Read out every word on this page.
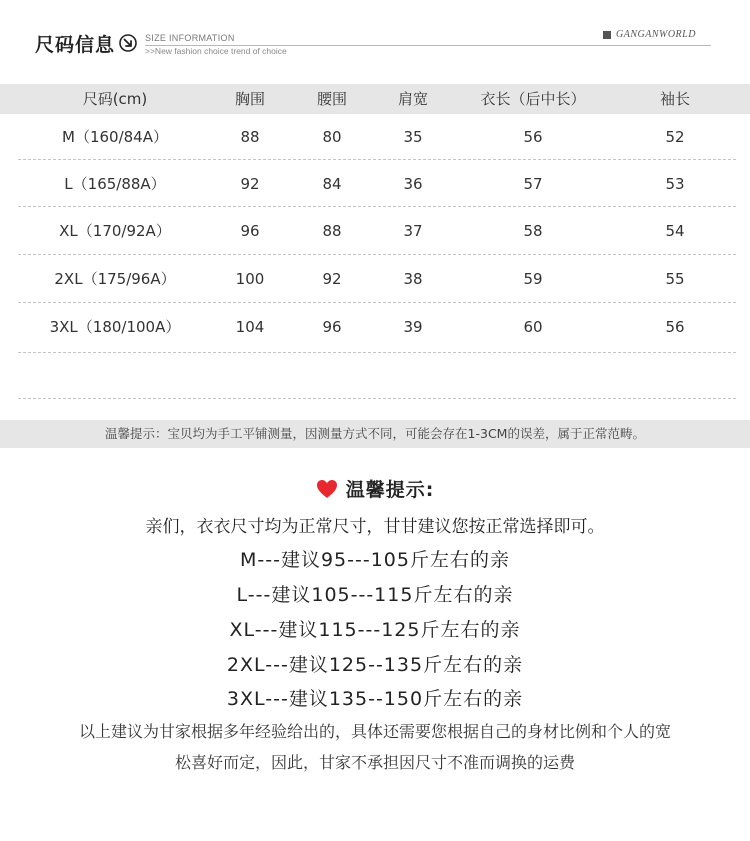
尺码信息	SIZE INFORMATION
>>New fashion choice trend of choice
GANGANWORLD
尺码(cm)	胸围	腰围	肩宽	衣长（后中长）	袖长
M（160/84A）	88	80	35	56	52
L（165/88A）	92	84	36	57	53
XL（170/92A）	96	88	37	58	54
2XL（175/96A）	100	92	38	59	55
3XL（180/100A）	104	96	39	60	56
温馨提示：宝贝均为手工平铺测量，因测量方式不同，可能会存在1-3CM的误差，属于正常范畴。
温馨提示:
亲们，衣衣尺寸均为正常尺寸，甘甘建议您按正常选择即可。
M---建议95---105斤左右的亲
L---建议105---115斤左右的亲
XL---建议115---125斤左右的亲
2XL---建议125--135斤左右的亲
3XL---建议135--150斤左右的亲
以上建议为甘家根据多年经验给出的，具体还需要您根据自己的身材比例和个人的宽
松喜好而定，因此，甘家不承担因尺寸不准而调换的运费
